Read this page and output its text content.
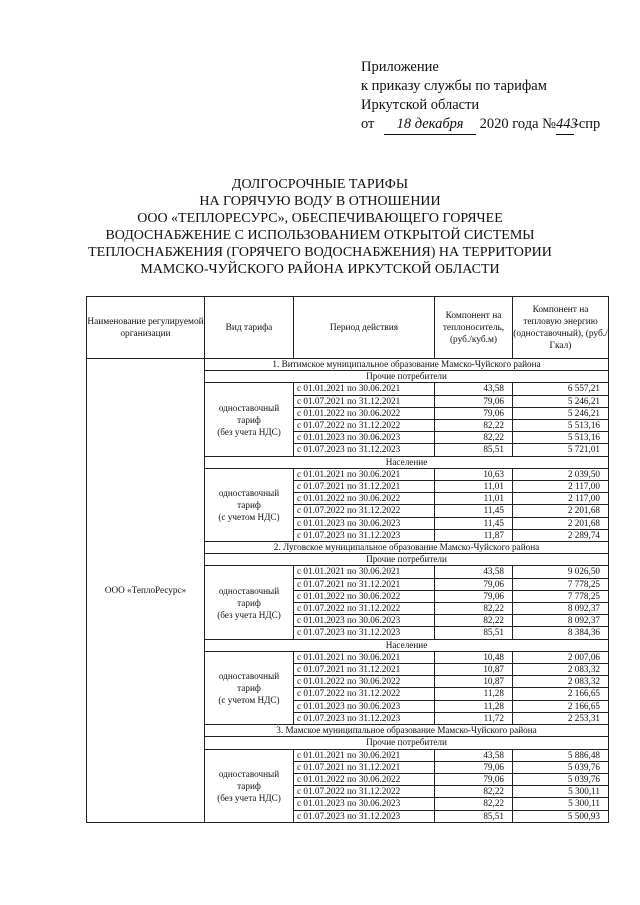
Приложение
к приказу службы по тарифам
Иркутской области
от 18 декабря 2020 года №443-спр
ДОЛГОСРОЧНЫЕ ТАРИФЫ
НА ГОРЯЧУЮ ВОДУ В ОТНОШЕНИИ
ООО «ТЕПЛОРЕСУРС», ОБЕСПЕЧИВАЮЩЕГО ГОРЯЧЕЕ
ВОДОСНАБЖЕНИЕ С ИСПОЛЬЗОВАНИЕМ ОТКРЫТОЙ СИСТЕМЫ
ТЕПЛОСНАБЖЕНИЯ (ГОРЯЧЕГО ВОДОСНАБЖЕНИЯ) НА ТЕРРИТОРИИ
МАМСКО-ЧУЙСКОГО РАЙОНА ИРКУТСКОЙ ОБЛАСТИ
Наименование регулируемой организации	Вид тарифа	Период действия	Компонент на теплоноситель, (руб./куб.м)	Компонент на тепловую энергию (одноставочный), (руб./Гкал)
ООО «ТеплоРесурс»	1. Витимское муниципальное образование Мамско-Чуйского района			
	Прочие потребители			

	одноставочный
тариф
(без учета НДС)	с 01.01.2021 по 30.06.2021	43,58	6 557,21
		с 01.07.2021 по 31.12.2021	79,06	5 246,21
		с 01.01.2022 по 30.06.2022	79,06	5 246,21
		с 01.07.2022 по 31.12.2022	82,22	5 513,16
		с 01.01.2023 по 30.06.2023	82,22	5 513,16
		с 01.07.2023 по 31.12.2023	85,51	5 721,01
	Население			

	одноставочный
тариф
(с учетом НДС)	с 01.01.2021 по 30.06.2021	10,63	2 039,50
		с 01.07.2021 по 31.12.2021	11,01	2 117,00
		с 01.01.2022 по 30.06.2022	11,01	2 117,00
		с 01.07.2022 по 31.12.2022	11,45	2 201,68
		с 01.01.2023 по 30.06.2023	11,45	2 201,68
		с 01.07.2023 по 31.12.2023	11,87	2 289,74
	2. Луговское муниципальное образование Мамско-Чуйского района			
	Прочие потребители			

	одноставочный
тариф
(без учета НДС)	с 01.01.2021 по 30.06.2021	43,58	9 026,50
		с 01.07.2021 по 31.12.2021	79,06	7 778,25
		с 01.01.2022 по 30.06.2022	79,06	7 778,25
		с 01.07.2022 по 31.12.2022	82,22	8 092,37
		с 01.01.2023 по 30.06.2023	82,22	8 092,37
		с 01.07.2023 по 31.12.2023	85,51	8 384,36
	Население			

	одноставочный
тариф
(с учетом НДС)	с 01.01.2021 по 30.06.2021	10,48	2 007,06
		с 01.07.2021 по 31.12.2021	10,87	2 083,32
		с 01.01.2022 по 30.06.2022	10,87	2 083,32
		с 01.07.2022 по 31.12.2022	11,28	2 166,65
		с 01.01.2023 по 30.06.2023	11,28	2 166,65
		с 01.07.2023 по 31.12.2023	11,72	2 253,31
	3. Мамское муниципальное образование Мамско-Чуйского района			
	Прочие потребители			

	одноставочный
тариф
(без учета НДС)	с 01.01.2021 по 30.06.2021	43,58	5 886,48
		с 01.07.2021 по 31.12.2021	79,06	5 039,76
		с 01.01.2022 по 30.06.2022	79,06	5 039,76
		с 01.07.2022 по 31.12.2022	82,22	5 300,11
		с 01.01.2023 по 30.06.2023	82,22	5 300,11
		с 01.07.2023 по 31.12.2023	85,51	5 500,93
